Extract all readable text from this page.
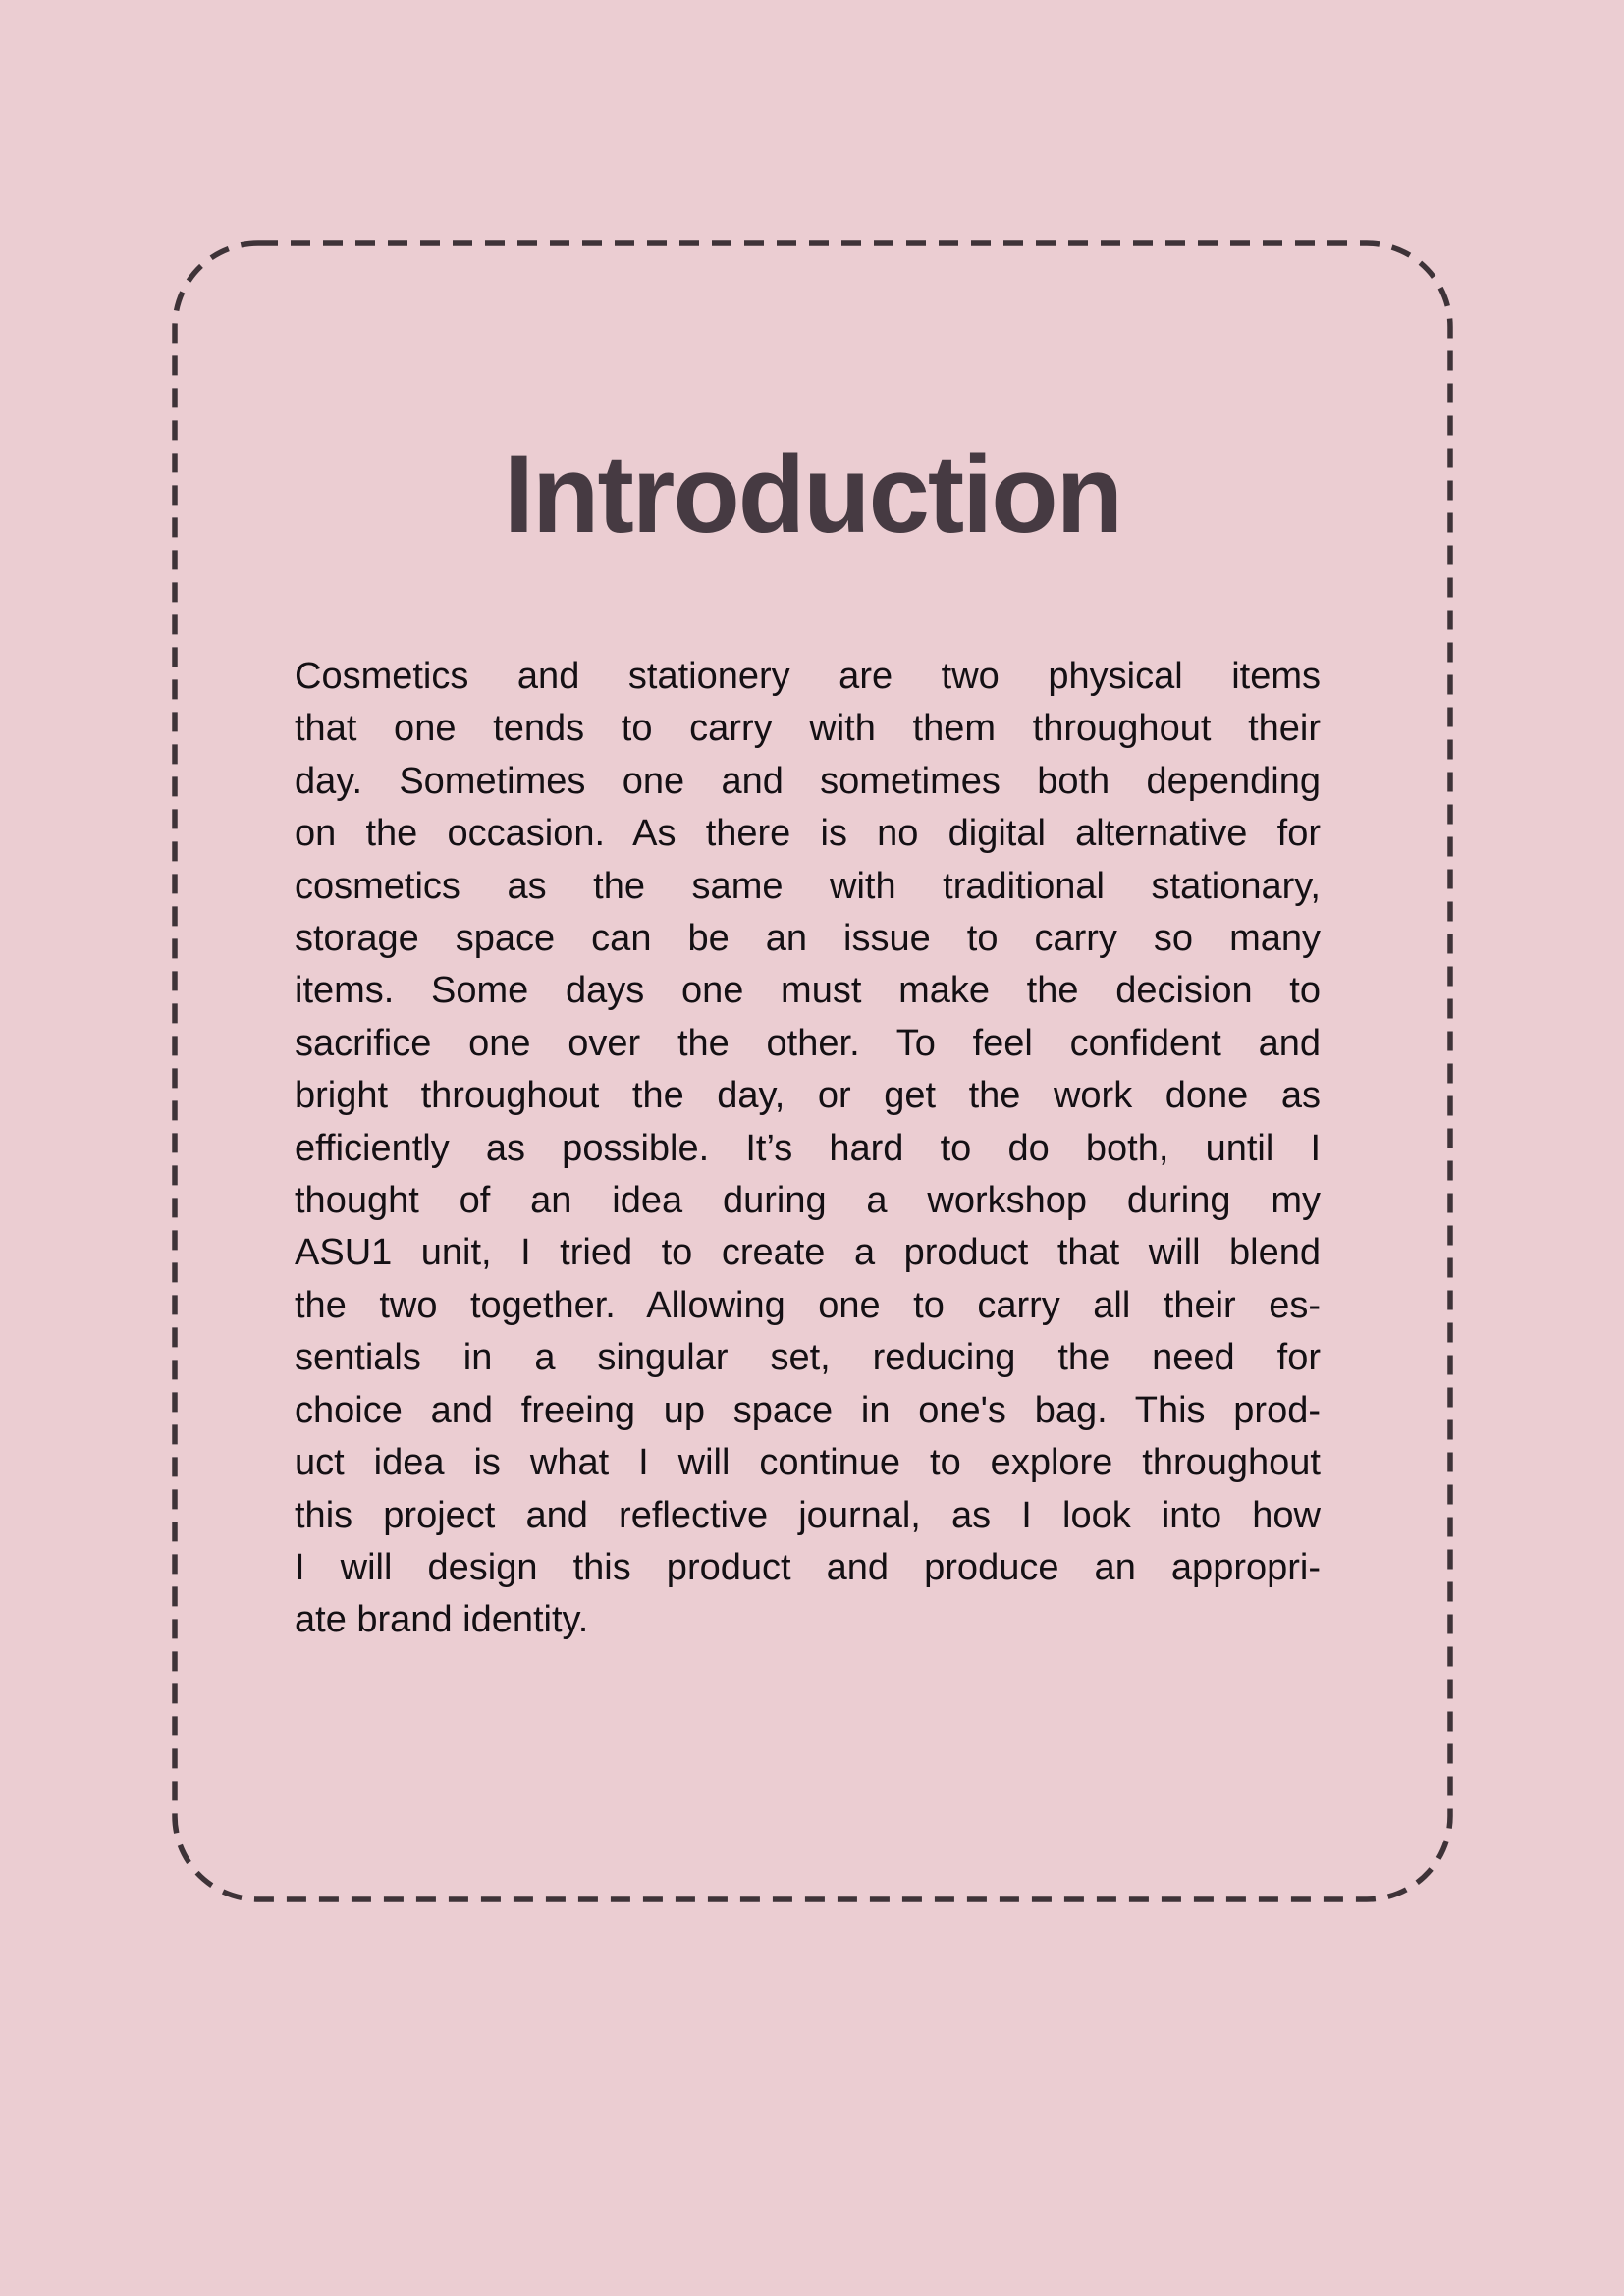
Introduction
Cosmetics and stationery are two physical items
that one tends to carry with them throughout their
day. Sometimes one and sometimes both depending
on the occasion. As there is no digital alternative for
cosmetics as the same with traditional stationary,
storage space can be an issue to carry so many
items. Some days one must make the decision to
sacrifice one over the other. To feel confident and
bright throughout the day, or get the work done as
efficiently as possible. It’s hard to do both, until I
thought of an idea during a workshop during my
ASU1 unit, I tried to create a product that will blend
the two together. Allowing one to carry all their es-
sentials in a singular set, reducing the need for
choice and freeing up space in one's bag. This prod-
uct idea is what I will continue to explore throughout
this project and reflective journal, as I look into how
I will design this product and produce an appropri-
ate brand identity.
